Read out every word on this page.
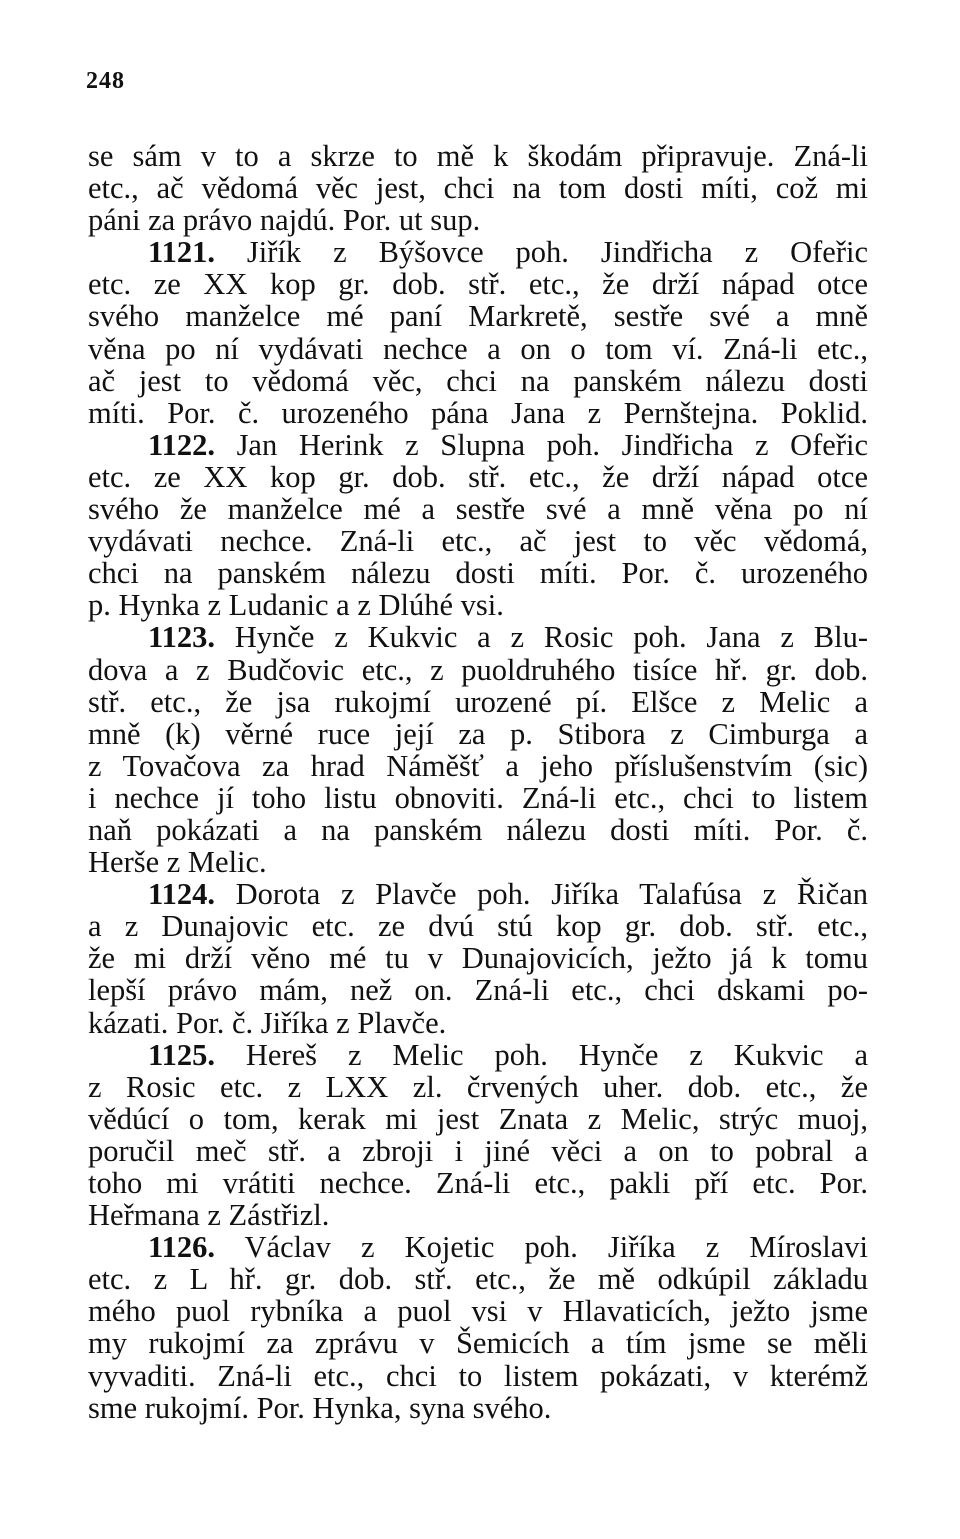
248
se sám v to a skrze to mě k škodám připravuje. Zná-li
etc., ač vědomá věc jest, chci na tom dosti míti, což mi
páni za právo najdú. Por. ut sup.
1121. Jiřík z Býšovce poh. Jindřicha z Ofeřic
etc. ze XX kop gr. dob. stř. etc., že drží nápad otce
svého manželce mé paní Markretě, sestře své a mně
věna po ní vydávati nechce a on o tom ví. Zná-li etc.,
ač jest to vědomá věc, chci na panském nálezu dosti
míti. Por. č. urozeného pána Jana z Pernštejna. Poklid.
1122. Jan Herink z Slupna poh. Jindřicha z Ofeřic
etc. ze XX kop gr. dob. stř. etc., že drží nápad otce
svého že manželce mé a sestře své a mně věna po ní
vydávati nechce. Zná-li etc., ač jest to věc vědomá,
chci na panském nálezu dosti míti. Por. č. urozeného
p. Hynka z Ludanic a z Dlúhé vsi.
1123. Hynče z Kukvic a z Rosic poh. Jana z Blu-
dova a z Budčovic etc., z puoldruhého tisíce hř. gr. dob.
stř. etc., že jsa rukojmí urozené pí. Elšce z Melic a
mně (k) věrné ruce její za p. Stibora z Cimburga a
z Tovačova za hrad Náměšť a jeho příslušenstvím (sic)
i nechce jí toho listu obnoviti. Zná-li etc., chci to listem
naň pokázati a na panském nálezu dosti míti. Por. č.
Herše z Melic.
1124. Dorota z Plavče poh. Jiříka Talafúsa z Řičan
a z Dunajovic etc. ze dvú stú kop gr. dob. stř. etc.,
že mi drží věno mé tu v Dunajovicích, ježto já k tomu
lepší právo mám, než on. Zná-li etc., chci dskami po-
kázati. Por. č. Jiříka z Plavče.
1125. Hereš z Melic poh. Hynče z Kukvic a
z Rosic etc. z LXX zl. črvených uher. dob. etc., že
vědúcí o tom, kerak mi jest Znata z Melic, strýc muoj,
poručil meč stř. a zbroji i jiné věci a on to pobral a
toho mi vrátiti nechce. Zná-li etc., pakli pří etc. Por.
Heřmana z Zástřizl.
1126. Václav z Kojetic poh. Jiříka z Míroslavi
etc. z L hř. gr. dob. stř. etc., že mě odkúpil základu
mého puol rybníka a puol vsi v Hlavaticích, ježto jsme
my rukojmí za zprávu v Šemicích a tím jsme se měli
vyvaditi. Zná-li etc., chci to listem pokázati, v kterémž
sme rukojmí. Por. Hynka, syna svého.
